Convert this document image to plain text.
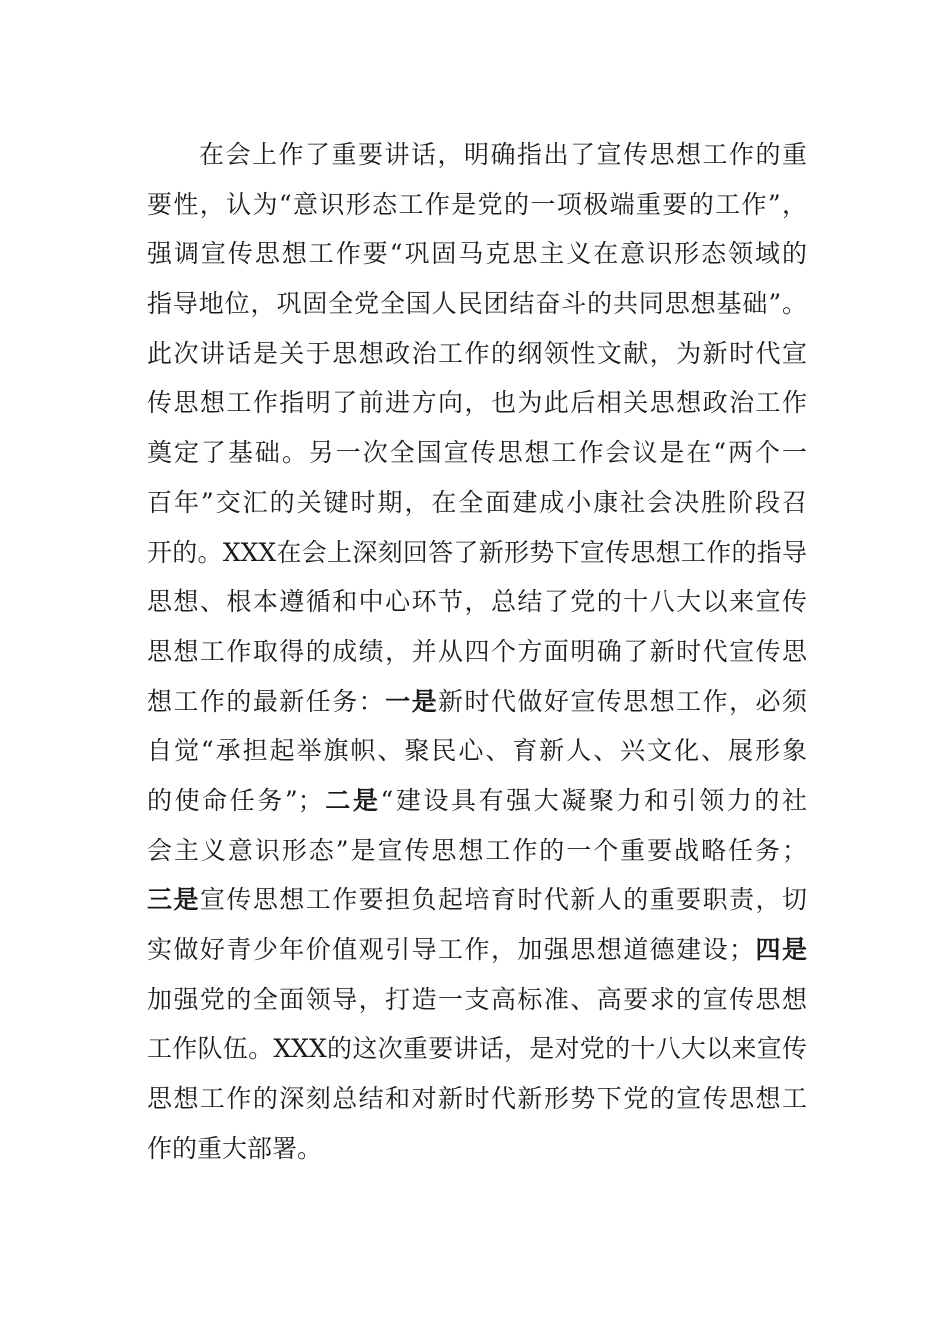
在会上作了重要讲话，明确指出了宣传思想工作的重
要性，认为“意识形态工作是党的一项极端重要的工作”，
强调宣传思想工作要“巩固马克思主义在意识形态领域的
指导地位，巩固全党全国人民团结奋斗的共同思想基础”。
此次讲话是关于思想政治工作的纲领性文献，为新时代宣
传思想工作指明了前进方向，也为此后相关思想政治工作
奠定了基础。另一次全国宣传思想工作会议是在“两个一
百年”交汇的关键时期，在全面建成小康社会决胜阶段召
开的。XXX在会上深刻回答了新形势下宣传思想工作的指导
思想、根本遵循和中心环节，总结了党的十八大以来宣传
思想工作取得的成绩，并从四个方面明确了新时代宣传思
想工作的最新任务：一是新时代做好宣传思想工作，必须
自觉“承担起举旗帜、聚民心、育新人、兴文化、展形象
的使命任务”；二是“建设具有强大凝聚力和引领力的社
会主义意识形态”是宣传思想工作的一个重要战略任务；
三是宣传思想工作要担负起培育时代新人的重要职责，切
实做好青少年价值观引导工作，加强思想道德建设；四是
加强党的全面领导，打造一支高标准、高要求的宣传思想
工作队伍。XXX的这次重要讲话，是对党的十八大以来宣传
思想工作的深刻总结和对新时代新形势下党的宣传思想工
作的重大部署。
